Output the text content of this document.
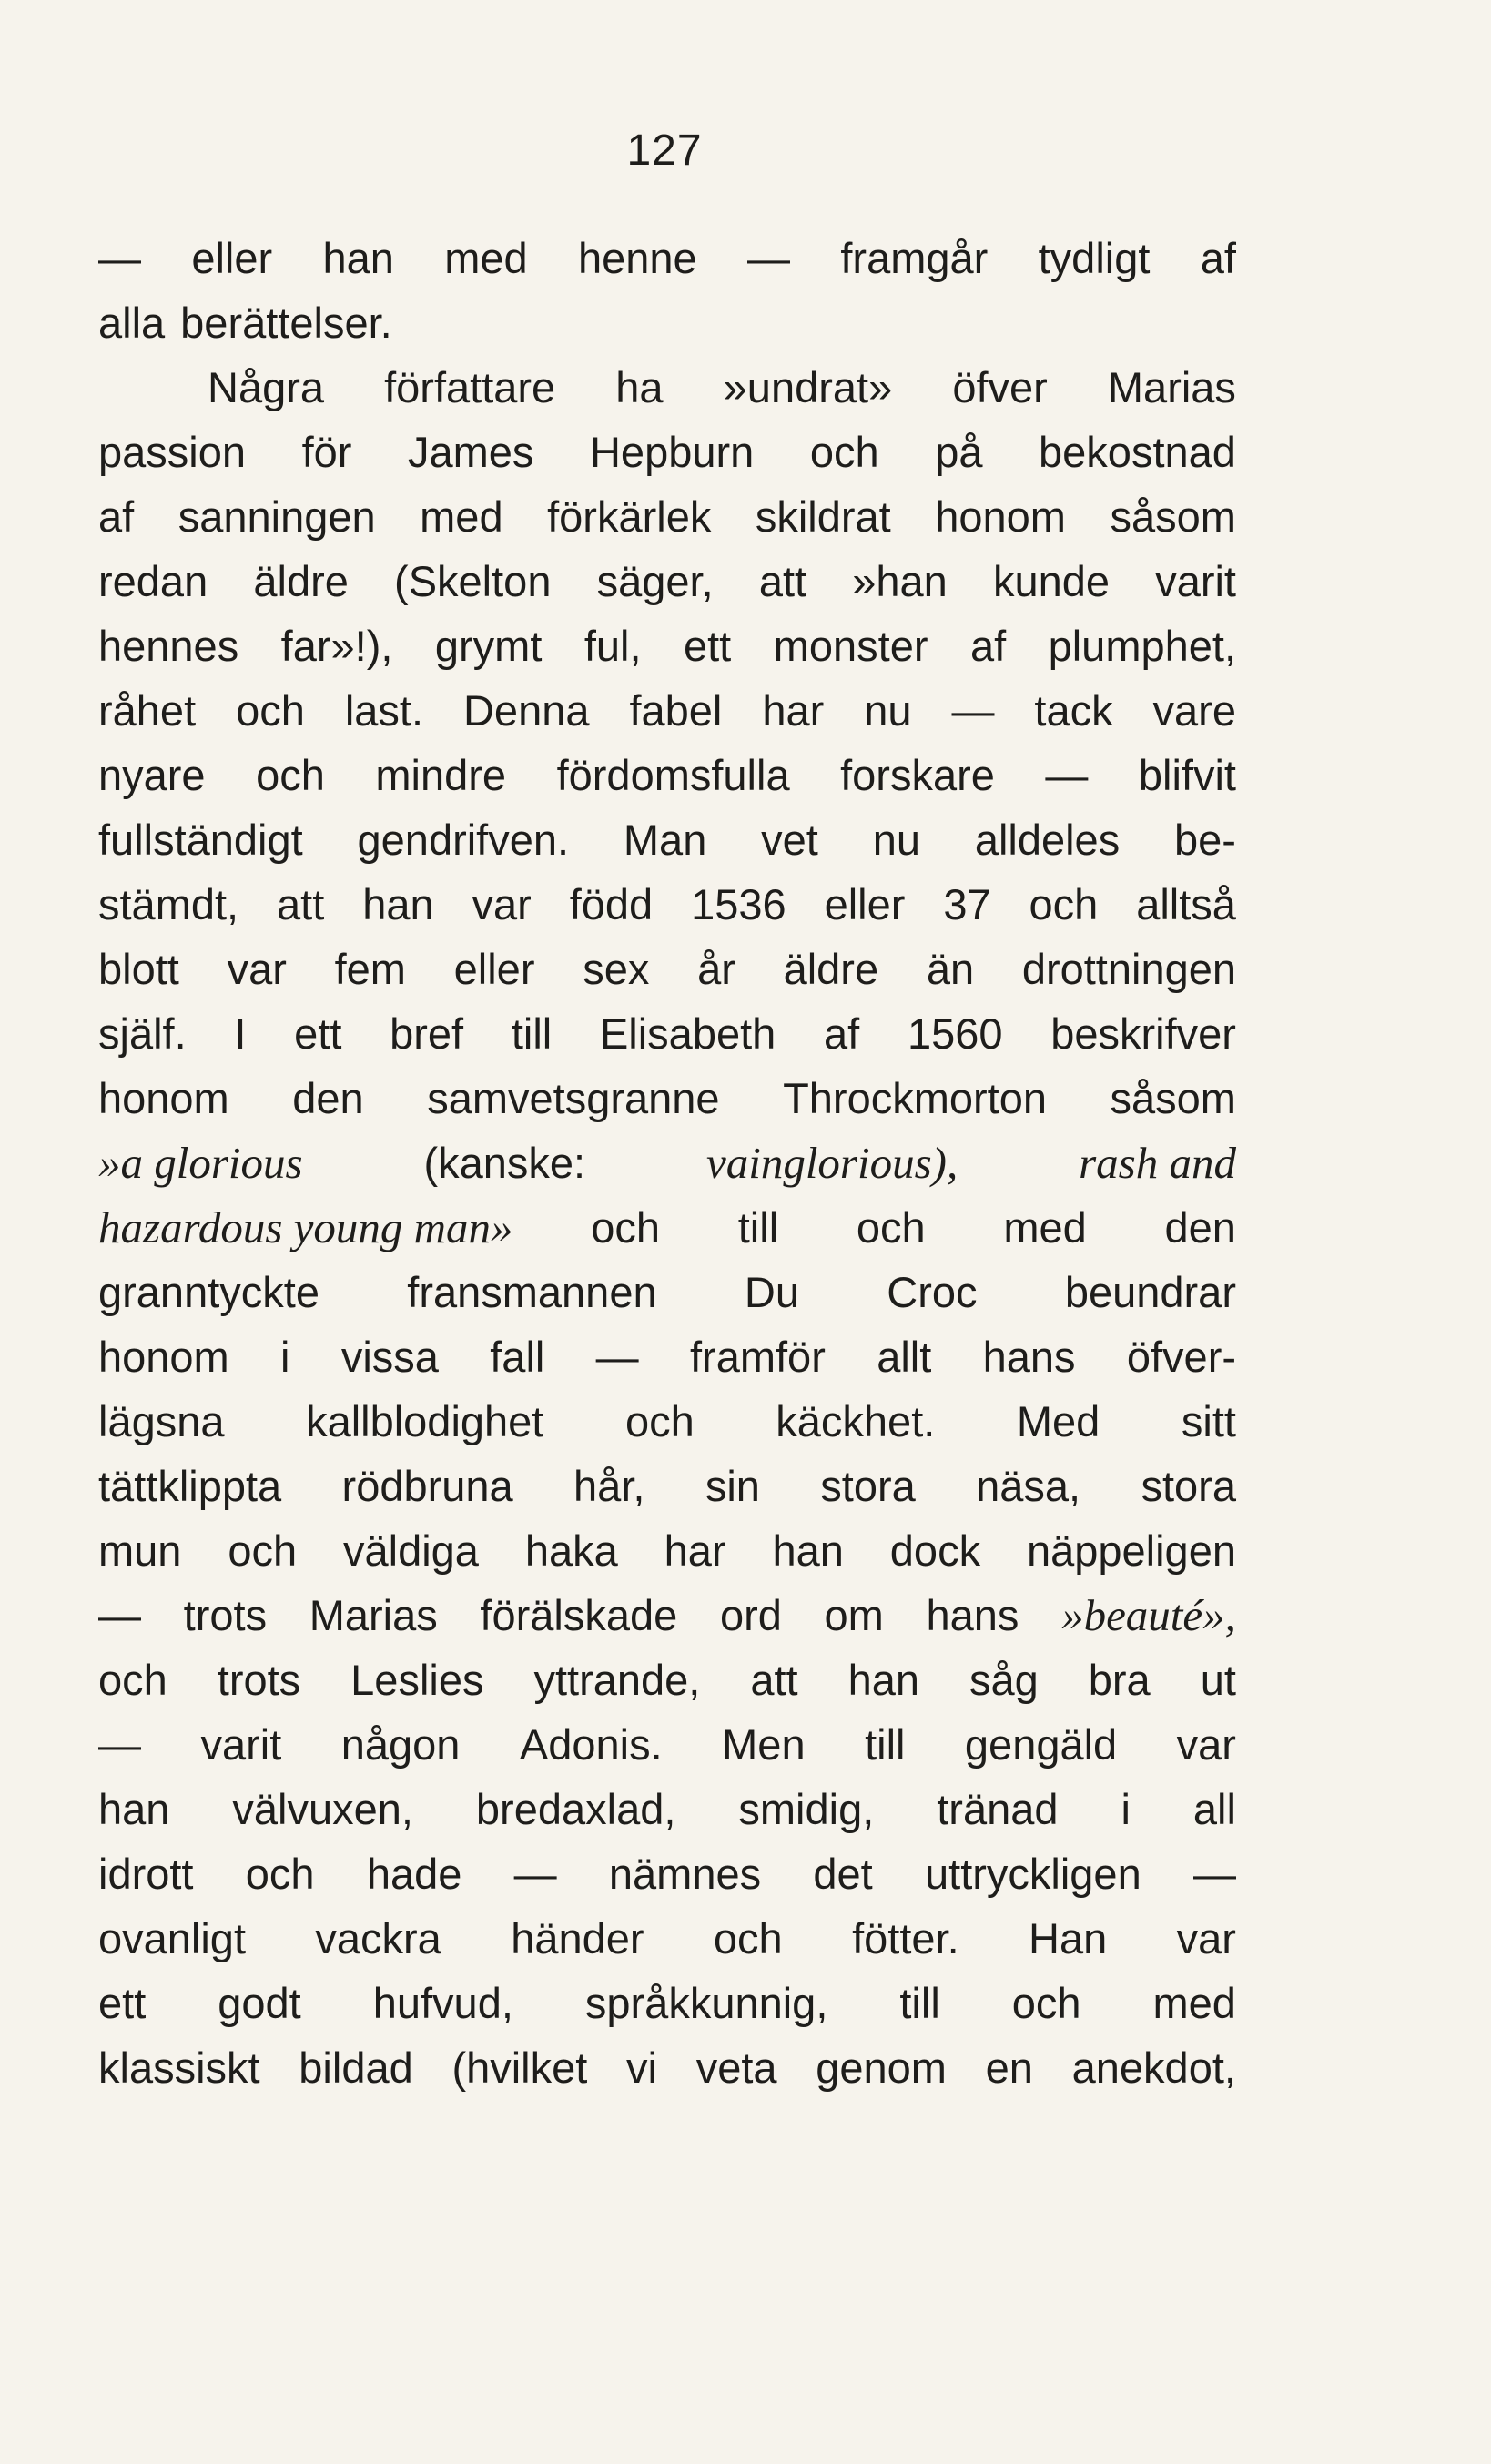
127
— eller han med henne — framgår tydligt af
alla berättelser.
Några författare ha »undrat» öfver Marias
passion för James Hepburn och på bekostnad
af sanningen med förkärlek skildrat honom såsom
redan äldre (Skelton säger, att »han kunde varit
hennes far»!), grymt ful, ett monster af plumphet,
råhet och last. Denna fabel har nu — tack vare
nyare och mindre fördomsfulla forskare — blifvit
fullständigt gendrifven. Man vet nu alldeles be-
stämdt, att han var född 1536 eller 37 och alltså
blott var fem eller sex år äldre än drottningen
själf. I ett bref till Elisabeth af 1560 beskrifver
honom den samvetsgranne Throckmorton såsom
»a glorious	(kanske:	vainglorious),	rash and
hazardous young man» och till och med den
granntyckte fransmannen Du Croc beundrar
honom i vissa fall — framför allt hans öfver-
lägsna kallblodighet och käckhet. Med sitt
tättklippta rödbruna hår, sin stora näsa, stora
mun och väldiga haka har han dock näppeligen
— trots Marias förälskade ord om hans »beauté»,
och trots Leslies yttrande, att han såg bra ut
— varit någon Adonis. Men till gengäld var
han välvuxen, bredaxlad, smidig, tränad i all
idrott och hade — nämnes det uttryckligen —
ovanligt vackra händer och fötter. Han var
ett godt hufvud, språkkunnig, till och med
klassiskt bildad (hvilket vi veta genom en anekdot,
